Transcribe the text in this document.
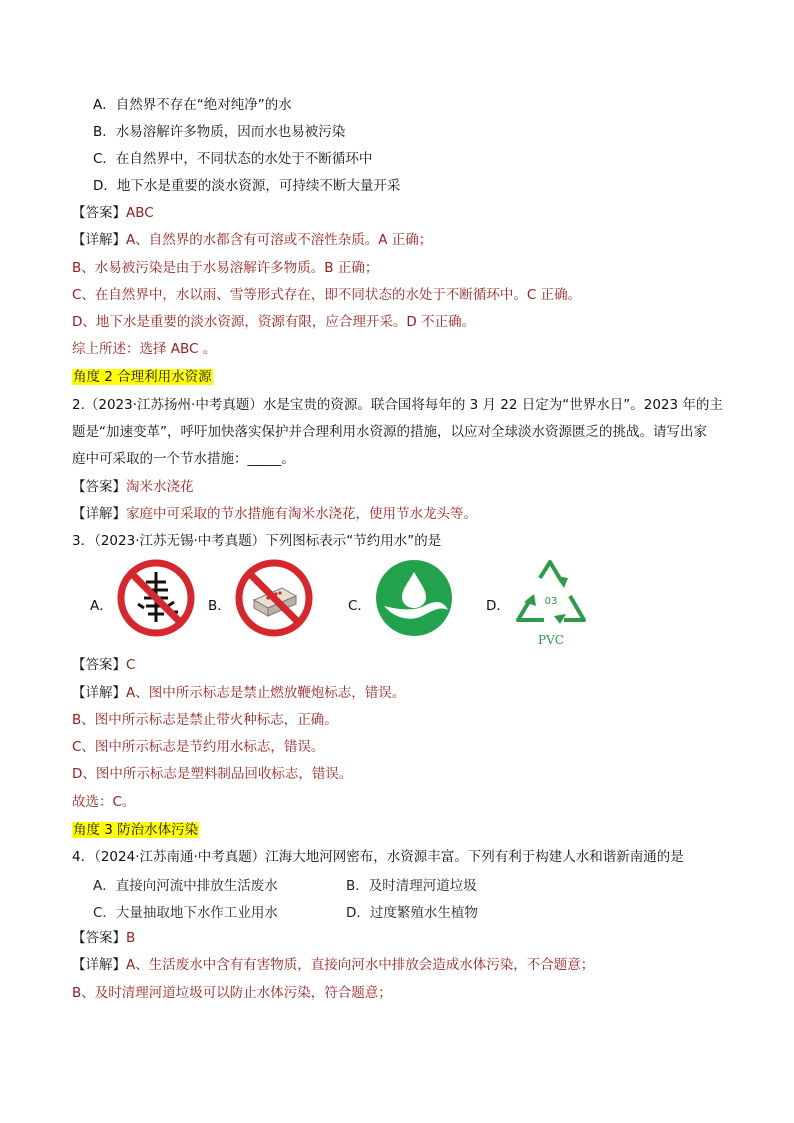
A．自然界不存在“绝对纯净”的水
B．水易溶解许多物质，因而水也易被污染
C．在自然界中，不同状态的水处于不断循环中
D．地下水是重要的淡水资源，可持续不断大量开采
【答案】ABC
【详解】A、自然界的水都含有可溶或不溶性杂质。A 正确；
B、水易被污染是由于水易溶解许多物质。B 正确；
C、在自然界中，水以雨、雪等形式存在，即不同状态的水处于不断循环中。C 正确。
D、地下水是重要的淡水资源，资源有限，应合理开采。D 不正确。
综上所述：选择 ABC 。
角度 2 合理利用水资源
2.（2023·江苏扬州·中考真题）水是宝贵的资源。联合国将每年的 3 月 22 日定为“世界水日”。2023 年的主
题是“加速变革”，呼吁加快落实保护并合理利用水资源的措施，以应对全球淡水资源匮乏的挑战。请写出家
庭中可采取的一个节水措施：_____。
【答案】淘米水浇花
【详解】家庭中可采取的节水措施有淘米水浇花，使用节水龙头等。
3．（2023·江苏无锡·中考真题）下列图标表示“节约用水”的是
A．	B．	C．	D．	03
PVC
【答案】C
【详解】A、图中所示标志是禁止燃放鞭炮标志，错误。
B、图中所示标志是禁止带火种标志，正确。
C、图中所示标志是节约用水标志，错误。
D、图中所示标志是塑料制品回收标志，错误。
故选：C。
角度 3 防治水体污染
4．（2024·江苏南通·中考真题）江海大地河网密布，水资源丰富。下列有利于构建人水和谐新南通的是
A．直接向河流中排放生活废水	B．及时清理河道垃圾
C．大量抽取地下水作工业用水	D．过度繁殖水生植物
【答案】B
【详解】A、生活废水中含有有害物质，直接向河水中排放会造成水体污染，不合题意；
B、及时清理河道垃圾可以防止水体污染，符合题意；
